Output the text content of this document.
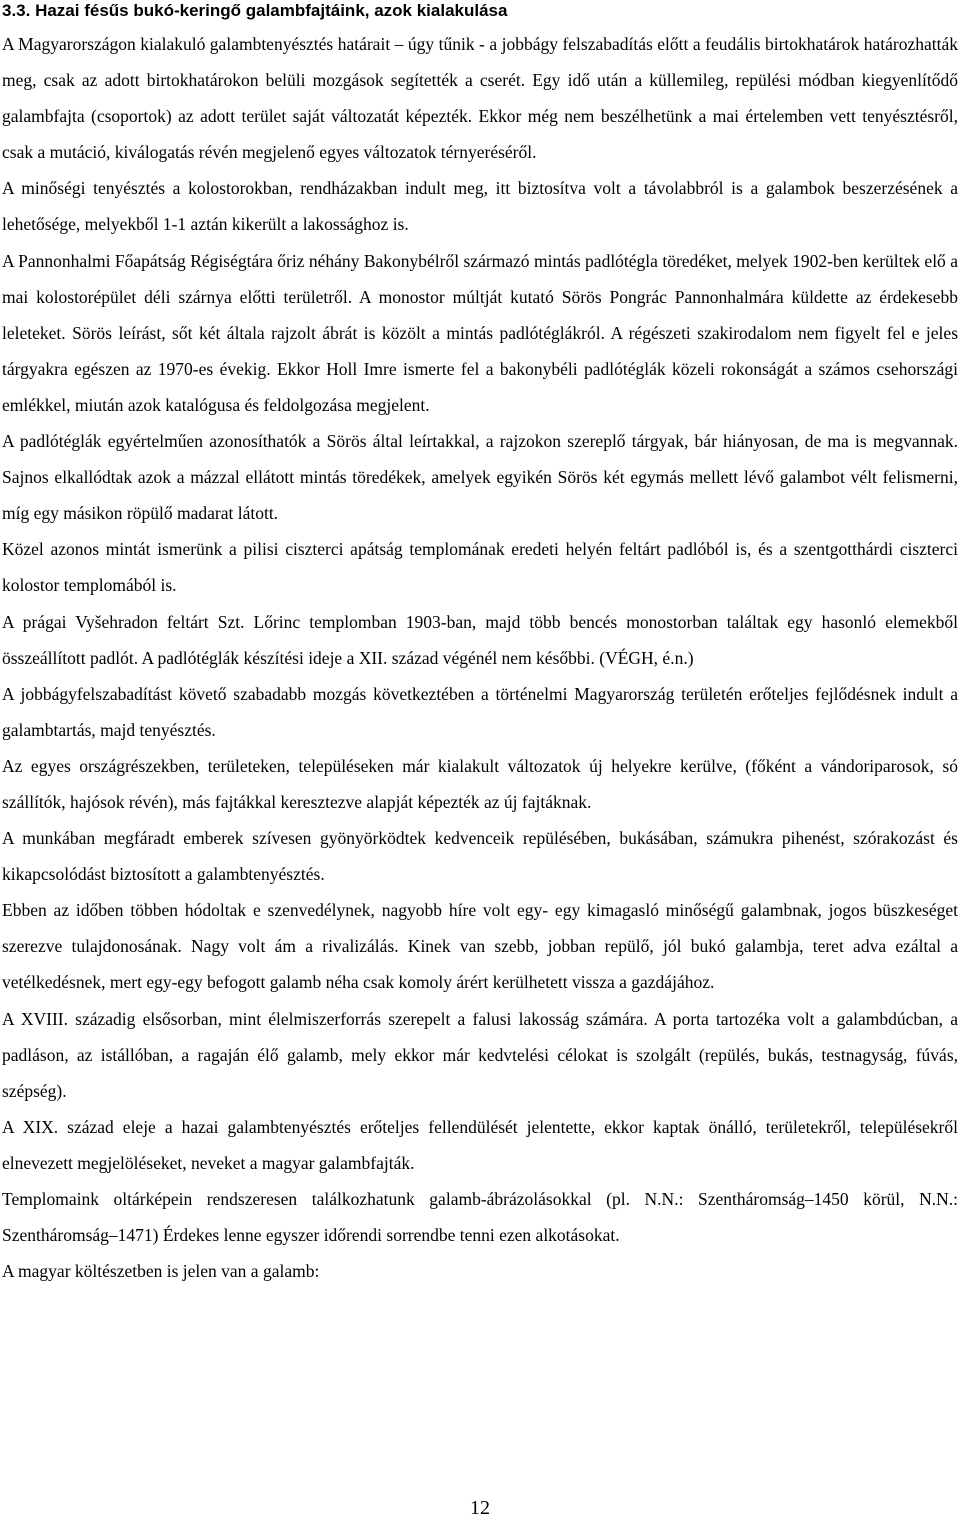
3.3. Hazai fésűs bukó-keringő galambfajtáink, azok kialakulása

A Magyarországon kialakuló galambtenyésztés határait – úgy tűnik - a jobbágy felszabadítás előtt a feudális birtokhatárok határozhatták meg, csak az adott birtokhatárokon belüli mozgások segítették a cserét. Egy idő után a küllemileg, repülési módban kiegyenlítődő galambfajta (csoportok) az adott terület saját változatát képezték. Ekkor még nem beszélhetünk a mai értelemben vett tenyésztésről, csak a mutáció, kiválogatás révén megjelenő egyes változatok térnyeréséről.

A minőségi tenyésztés a kolostorokban, rendházakban indult meg, itt biztosítva volt a távolabbról is a galambok beszerzésének a lehetősége, melyekből 1-1 aztán kikerült a lakossághoz is.

A Pannonhalmi Főapátság Régiségtára őriz néhány Bakonybélről származó mintás padlótégla töredéket, melyek 1902-ben kerültek elő a mai kolostorépület déli szárnya előtti területről. A monostor múltját kutató Sörös Pongrác Pannonhalmára küldette az érdekesebb leleteket. Sörös leírást, sőt két általa rajzolt ábrát is közölt a mintás padlótéglákról. A régészeti szakirodalom nem figyelt fel e jeles tárgyakra egészen az 1970-es évekig. Ekkor Holl Imre ismerte fel a bakonybéli padlótéglák közeli rokonságát a számos csehországi emlékkel, miután azok katalógusa és feldolgozása megjelent.

A padlótéglák egyértelműen azonosíthatók a Sörös által leírtakkal, a rajzokon szereplő tárgyak, bár hiányosan, de ma is megvannak. Sajnos elkallódtak azok a mázzal ellátott mintás töredékek, amelyek egyikén Sörös két egymás mellett lévő galambot vélt felismerni, míg egy másikon röpülő madarat látott.

Közel azonos mintát ismerünk a pilisi ciszterci apátság templomának eredeti helyén feltárt padlóból is, és a szentgotthárdi ciszterci kolostor templomából is.

A prágai Vyšehradon feltárt Szt. Lőrinc templomban 1903-ban, majd több bencés monostorban találtak egy hasonló elemekből összeállított padlót. A padlótéglák készítési ideje a XII. század végénél nem későbbi. (VÉGH, é.n.)

A jobbágyfelszabadítást követő szabadabb mozgás következtében a történelmi Magyarország területén erőteljes fejlődésnek indult a galambtartás, majd tenyésztés.

Az egyes országrészekben, területeken, településeken már kialakult változatok új helyekre kerülve, (főként a vándoriparosok, só szállítók, hajósok révén), más fajtákkal keresztezve alapját képezték az új fajtáknak.

A munkában megfáradt emberek szívesen gyönyörködtek kedvenceik repülésében, bukásában, számukra pihenést, szórakozást és kikapcsolódást biztosított a galambtenyésztés.

Ebben az időben többen hódoltak e szenvedélynek, nagyobb híre volt egy- egy kimagasló minőségű galambnak, jogos büszkeséget szerezve tulajdonosának. Nagy volt ám a rivalizálás. Kinek van szebb, jobban repülő, jól bukó galambja, teret adva ezáltal a vetélkedésnek, mert egy-egy befogott galamb néha csak komoly árért kerülhetett vissza a gazdájához.

A XVIII. századig elsősorban, mint élelmiszerforrás szerepelt a falusi lakosság számára. A porta tartozéka volt a galambdúcban, a padláson, az istállóban, a ragaján élő galamb, mely ekkor már kedvtelési célokat is szolgált (repülés, bukás, testnagyság, fúvás, szépség).

A XIX. század eleje a hazai galambtenyésztés erőteljes fellendülését jelentette, ekkor kaptak önálló, területekről, településekről elnevezett megjelöléseket, neveket a magyar galambfajták.

Templomaink oltárképein rendszeresen találkozhatunk galamb-ábrázolásokkal (pl. N.N.: Szentháromság–1450 körül, N.N.: Szentháromság–1471) Érdekes lenne egyszer időrendi sorrendbe tenni ezen alkotásokat.

A magyar költészetben is jelen van a galamb:

12
